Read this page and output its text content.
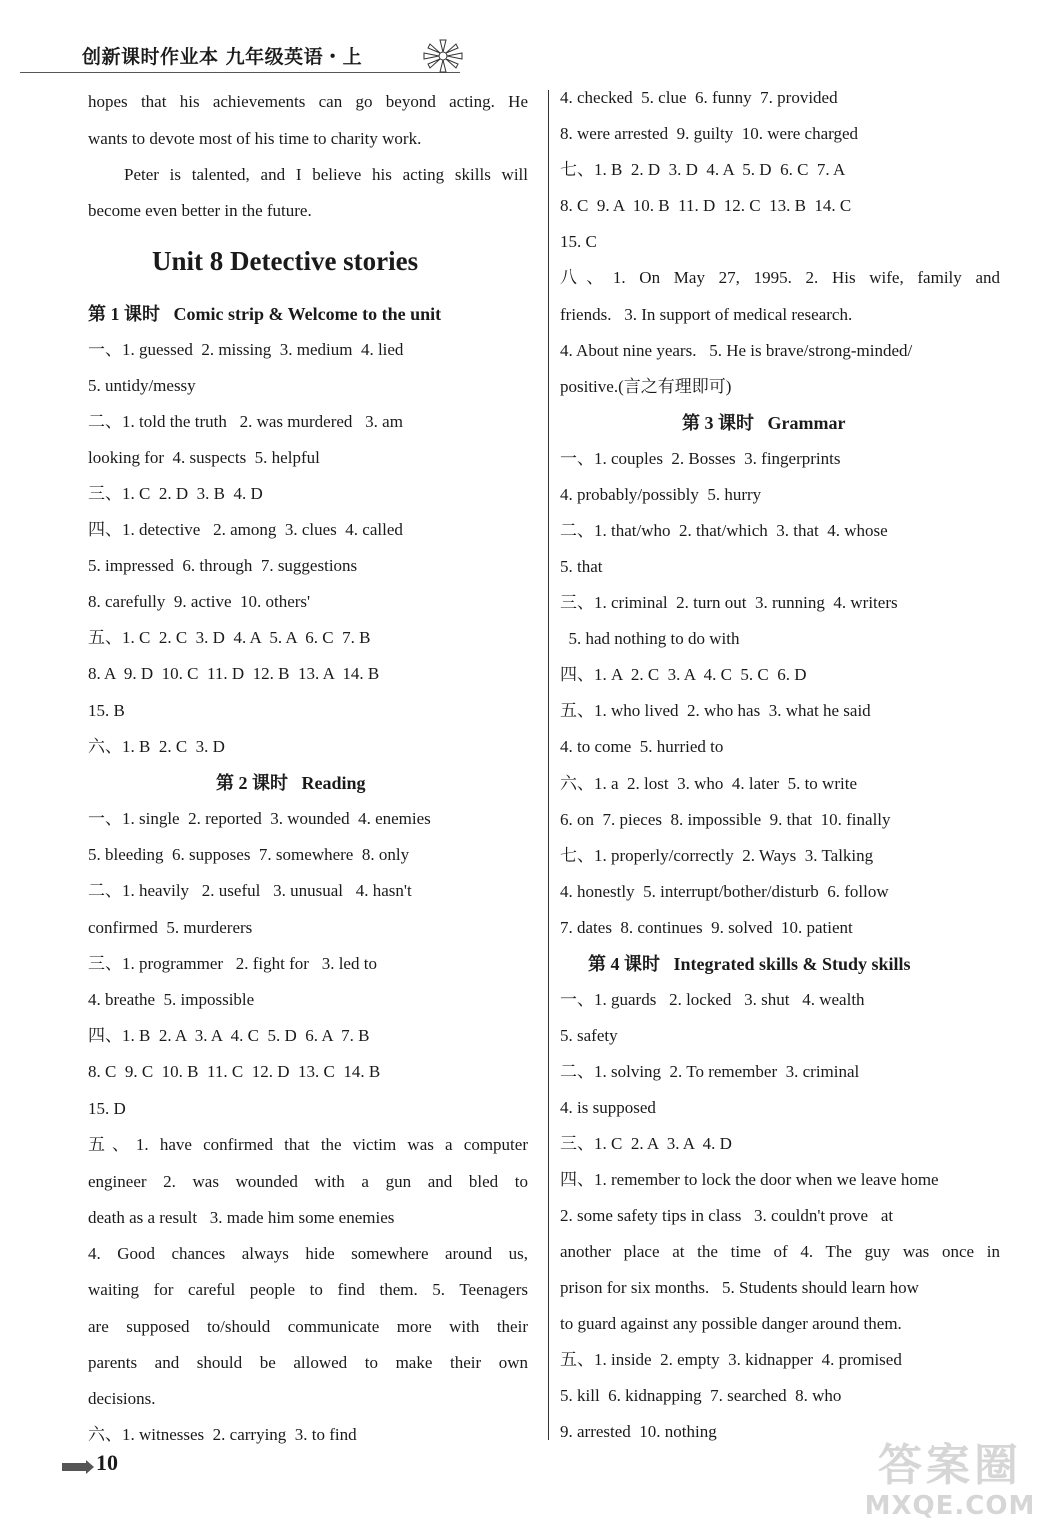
创新课时作业本 九年级英语・上
hopes that his achievements can go beyond acting. He
wants to devote most of his time to charity work.
Peter is talented, and I believe his acting skills will
become even better in the future.
Unit 8 Detective stories
第 1 课时   Comic strip & Welcome to the unit
一、1. guessed  2. missing  3. medium  4. lied
5. untidy/messy
二、1. told the truth   2. was murdered   3. am
looking for  4. suspects  5. helpful
三、1. C  2. D  3. B  4. D
四、1. detective   2. among  3. clues  4. called
5. impressed  6. through  7. suggestions
8. carefully  9. active  10. others'
五、1. C  2. C  3. D  4. A  5. A  6. C  7. B
8. A  9. D  10. C  11. D  12. B  13. A  14. B
15. B
六、1. B  2. C  3. D
第 2 课时   Reading
一、1. single  2. reported  3. wounded  4. enemies
5. bleeding  6. supposes  7. somewhere  8. only
二、1. heavily   2. useful   3. unusual   4. hasn't
confirmed  5. murderers
三、1. programmer   2. fight for   3. led to
4. breathe  5. impossible
四、1. B  2. A  3. A  4. C  5. D  6. A  7. B
8. C  9. C  10. B  11. C  12. D  13. C  14. B
15. D
五、1. have confirmed that the victim was a computer
engineer 2. was wounded with a gun and bled to
death as a result   3. made him some enemies
4. Good chances always hide somewhere around us,
waiting for careful people to find them. 5. Teenagers
are supposed to/should communicate more with their
parents and should be allowed to make their own
decisions.
六、1. witnesses  2. carrying  3. to find
4. checked  5. clue  6. funny  7. provided
8. were arrested  9. guilty  10. were charged
七、1. B  2. D  3. D  4. A  5. D  6. C  7. A
8. C  9. A  10. B  11. D  12. C  13. B  14. C
15. C
八、1. On May 27, 1995. 2. His wife, family and
friends.   3. In support of medical research.
4. About nine years.   5. He is brave/strong-minded/
positive.(言之有理即可)
第 3 课时   Grammar
一、1. couples  2. Bosses  3. fingerprints
4. probably/possibly  5. hurry
二、1. that/who  2. that/which  3. that  4. whose
5. that
三、1. criminal  2. turn out  3. running  4. writers
5. had nothing to do with
四、1. A  2. C  3. A  4. C  5. C  6. D
五、1. who lived  2. who has  3. what he said
4. to come  5. hurried to
六、1. a  2. lost  3. who  4. later  5. to write
6. on  7. pieces  8. impossible  9. that  10. finally
七、1. properly/correctly  2. Ways  3. Talking
4. honestly  5. interrupt/bother/disturb  6. follow
7. dates  8. continues  9. solved  10. patient
第 4 课时   Integrated skills & Study skills
一、1. guards   2. locked   3. shut   4. wealth
5. safety
二、1. solving  2. To remember  3. criminal
4. is supposed
三、1. C  2. A  3. A  4. D
四、1. remember to lock the door when we leave home
2. some safety tips in class   3. couldn't prove   at
another place at the time of 4. The guy was once in
prison for six months.   5. Students should learn how
to guard against any possible danger around them.
五、1. inside  2. empty  3. kidnapper  4. promised
5. kill  6. kidnapping  7. searched  8. who
9. arrested  10. nothing
10	答案圈
MXQE.COM
